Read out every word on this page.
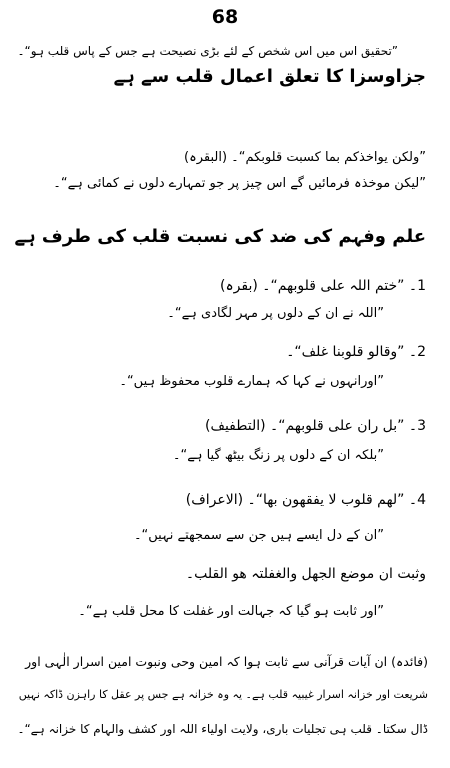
68
”تحقیق اس میں اس شخص کے لئے بڑی نصیحت ہے جس کے پاس قلب ہو“۔
جزاوسزا کا تعلق اعمال قلب سے ہے
”ولکن یواخذکم بما کسبت قلوبکم“۔ (البقرہ)
”لیکن موخذہ فرمائیں گے اس چیز پر جو تمہارے دلوں نے کمائی ہے“۔
علم وفہم کی ضد کی نسبت قلب کی طرف ہے
1۔ ”ختم اللہ علی قلوبھم“۔ (بقرہ)
”اللہ نے ان کے دلوں پر مہر لگادی ہے“۔
2۔ ”وقالو قلوبنا غلف“۔
”اورانہوں نے کہا کہ ہمارے قلوب محفوظ ہیں“۔
3۔ ”بل ران علی قلوبھم“۔ (التطفیف)
”بلکہ ان کے دلوں پر زنگ بیٹھ گیا ہے“۔
4۔ ”لھم قلوب لا یفقھون بھا“۔ (الاعراف)
”ان کے دل ایسے ہیں جن سے سمجھتے نہیں“۔
وثبت ان موضع الجھل والغفلتہ ھو القلب۔
”اور ثابت ہو گیا کہ جہالت اور غفلت کا محل قلب ہے“۔
(فائدہ) ان آیات قرآنی سے ثابت ہوا کہ امین وحی ونبوت امین اسرار الٰہی اور
شریعت اور خزانہ اسرار غیبیہ قلب ہے۔ یہ وہ خزانہ ہے جس پر عقل کا راہزن ڈاکہ نہیں
ڈال سکتا۔ قلب ہی تجلیات باری، ولایت اولیاء اللہ اور کشف والہام کا خزانہ ہے“۔
